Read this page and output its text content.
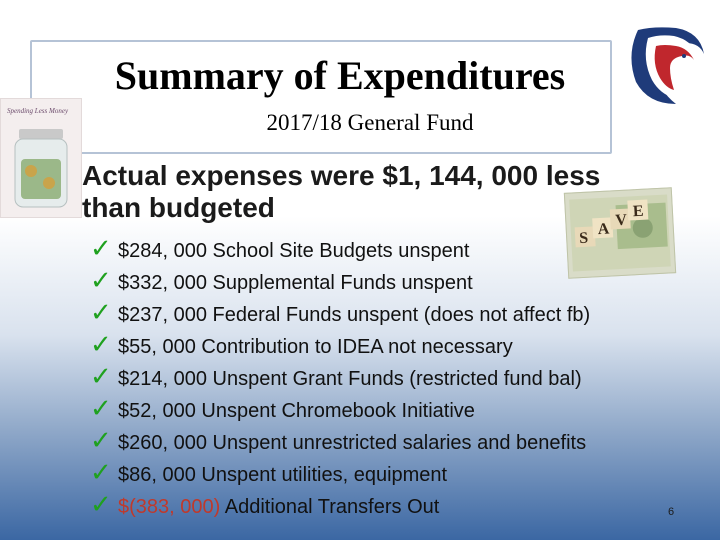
Summary of Expenditures
2017/18 General Fund
Spending Less Money
S
A
V
E
Actual expenses were $1, 144, 000 less
than budgeted
✓ $284, 000 School Site Budgets unspent
✓ $332, 000 Supplemental Funds unspent
✓ $237, 000 Federal Funds unspent (does not affect fb)
✓ $55, 000 Contribution to IDEA not necessary
✓ $214, 000 Unspent Grant Funds (restricted fund bal)
✓ $52, 000 Unspent Chromebook Initiative
✓ $260, 000 Unspent unrestricted salaries and benefits
✓ $86, 000 Unspent utilities, equipment
✓ $(383, 000) Additional Transfers Out	6
